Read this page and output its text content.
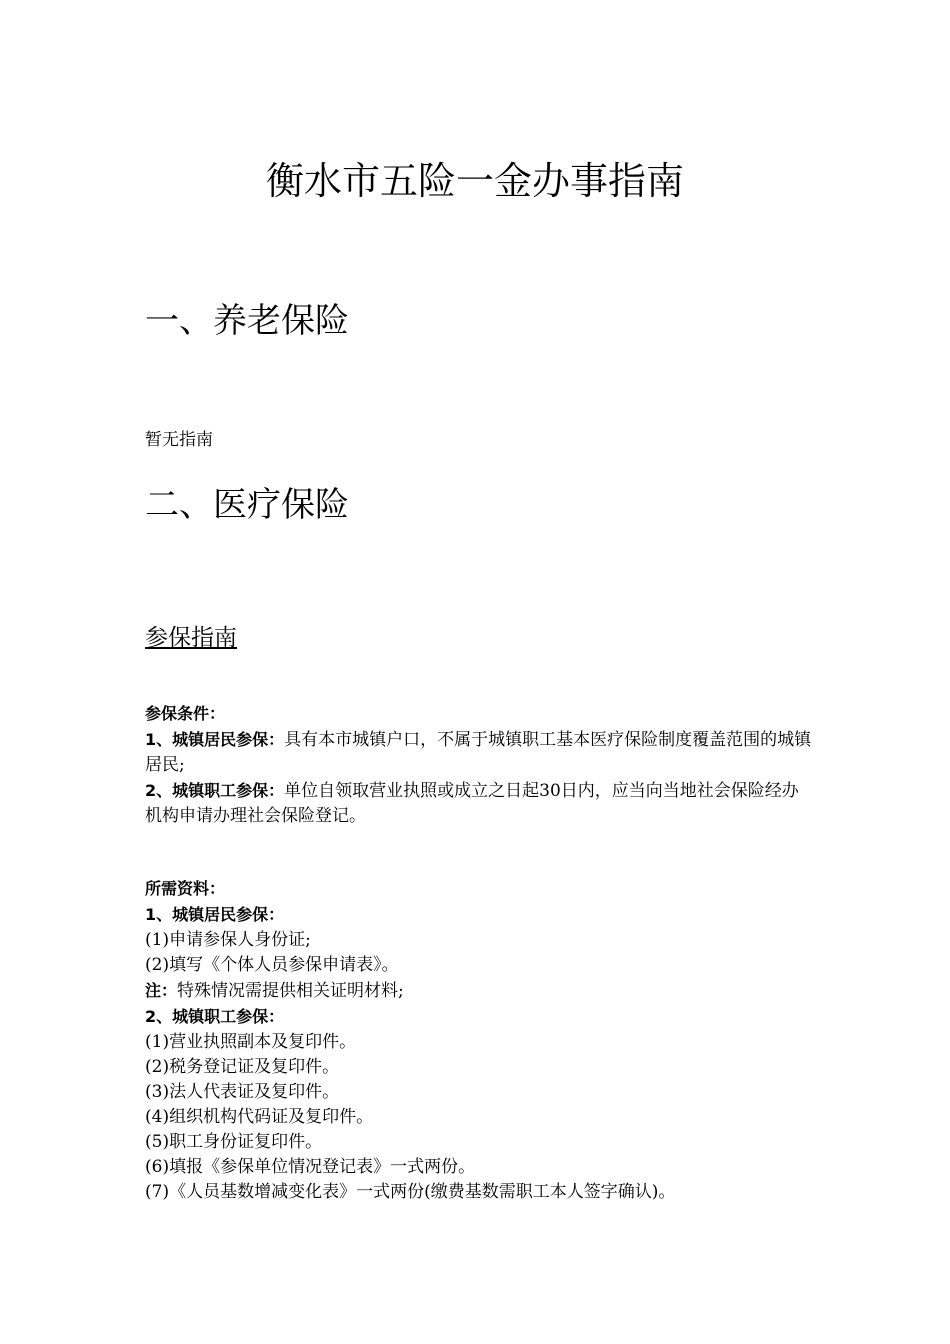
衡水市五险一金办事指南
一、养老保险
暂无指南
二、医疗保险
参保指南
参保条件：
1、城镇居民参保：具有本市城镇户口，不属于城镇职工基本医疗保险制度覆盖范围的城镇居民;
2、城镇职工参保：单位自领取营业执照或成立之日起30日内，应当向当地社会保险经办机构申请办理社会保险登记。
所需资料：
1、城镇居民参保：
(1)申请参保人身份证;
(2)填写《个体人员参保申请表》。
注：特殊情况需提供相关证明材料;
2、城镇职工参保：
(1)营业执照副本及复印件。
(2)税务登记证及复印件。
(3)法人代表证及复印件。
(4)组织机构代码证及复印件。
(5)职工身份证复印件。
(6)填报《参保单位情况登记表》一式两份。
(7)《人员基数增减变化表》一式两份(缴费基数需职工本人签字确认)。
